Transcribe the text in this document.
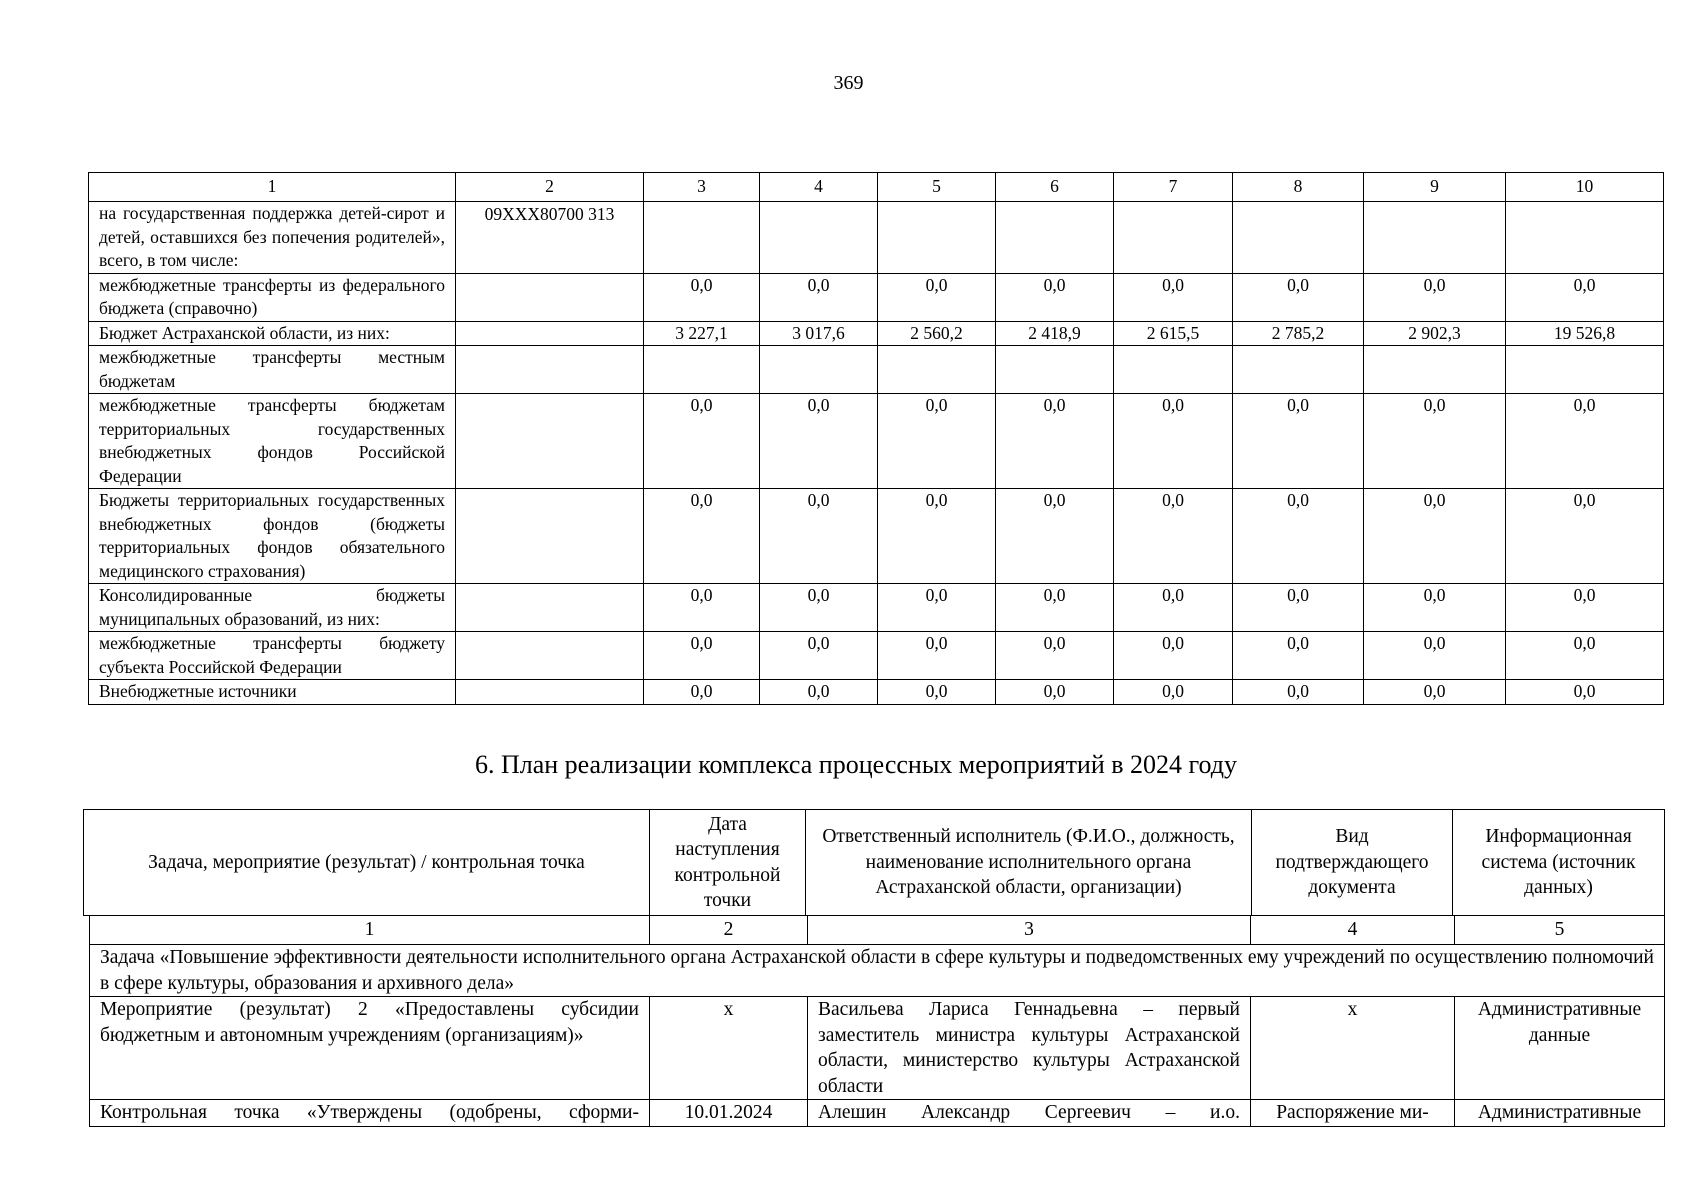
369
1	2	3	4	5	6	7	8	9	10
на государственная поддержка детей-сирот и детей, оставшихся без попечения родителей», всего, в том числе:	09ХХХ80700 313								
межбюджетные трансферты из федерального бюджета (справочно)		0,0	0,0	0,0	0,0	0,0	0,0	0,0	0,0
Бюджет Астраханской области, из них:		3 227,1	3 017,6	2 560,2	2 418,9	2 615,5	2 785,2	2 902,3	19 526,8
межбюджетные трансферты местным бюджетам									
межбюджетные трансферты бюджетам территориальных государственных внебюджетных фондов Российской Федерации		0,0	0,0	0,0	0,0	0,0	0,0	0,0	0,0
Бюджеты территориальных государственных внебюджетных фондов (бюджеты территориальных фондов обязательного медицинского страхования)		0,0	0,0	0,0	0,0	0,0	0,0	0,0	0,0
Консолидированные бюджеты муниципальных образований, из них:		0,0	0,0	0,0	0,0	0,0	0,0	0,0	0,0
межбюджетные трансферты бюджету субъекта Российской Федерации		0,0	0,0	0,0	0,0	0,0	0,0	0,0	0,0
Внебюджетные источники		0,0	0,0	0,0	0,0	0,0	0,0	0,0	0,0
6. План реализации комплекса процессных мероприятий в 2024 году
Задача, мероприятие (результат) / контрольная точка	Дата наступления контрольной точки	Ответственный исполнитель (Ф.И.О., должность, наименование исполнительного органа Астраханской области, организации)	Вид подтверждающего документа	Информационная система (источник данных)
1	2	3	4	5
Задача «Повышение эффективности деятельности исполнительного органа Астраханской области в сфере культуры и подведомственных ему учреждений по осуществлению полномочий в сфере культуры, образования и архивного дела»				
Мероприятие (результат) 2 «Предоставлены субсидии бюджетным и автономным учреждениям (организациям)»	х	Васильева Лариса Геннадьевна – первый заместитель министра культуры Астраханской области, министерство культуры Астраханской области	х	Административные данные
Контрольная точка «Утверждены (одобрены, сформи-	10.01.2024	Алешин Александр Сергеевич – и.о.	Распоряжение ми-	Административные
